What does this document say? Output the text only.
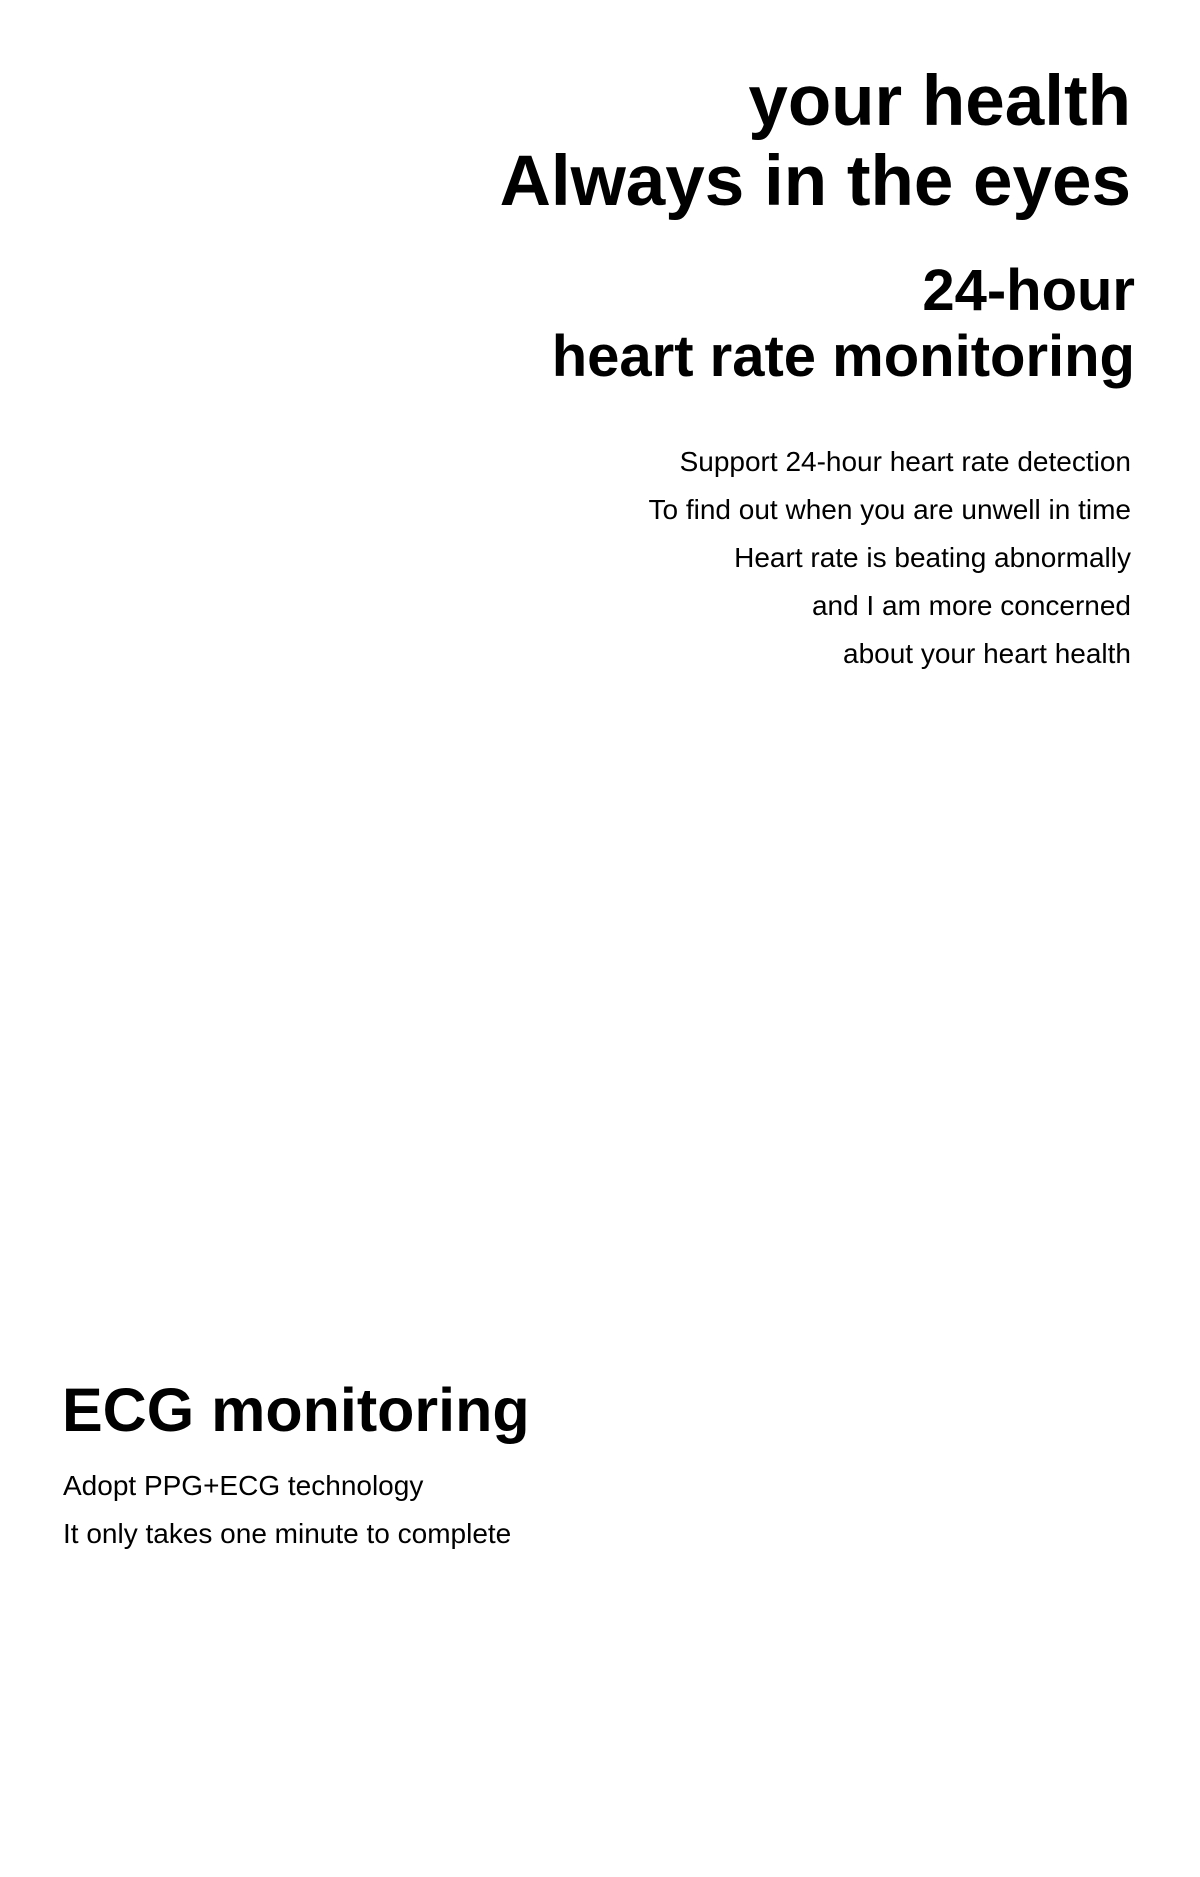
your health
Always in the eyes
24-hour
heart rate monitoring
Support 24-hour heart rate detection
To find out when you are unwell in time
Heart rate is beating abnormally
and I am more concerned
about your heart health
ECG monitoring
Adopt PPG+ECG technology
It only takes one minute to complete
